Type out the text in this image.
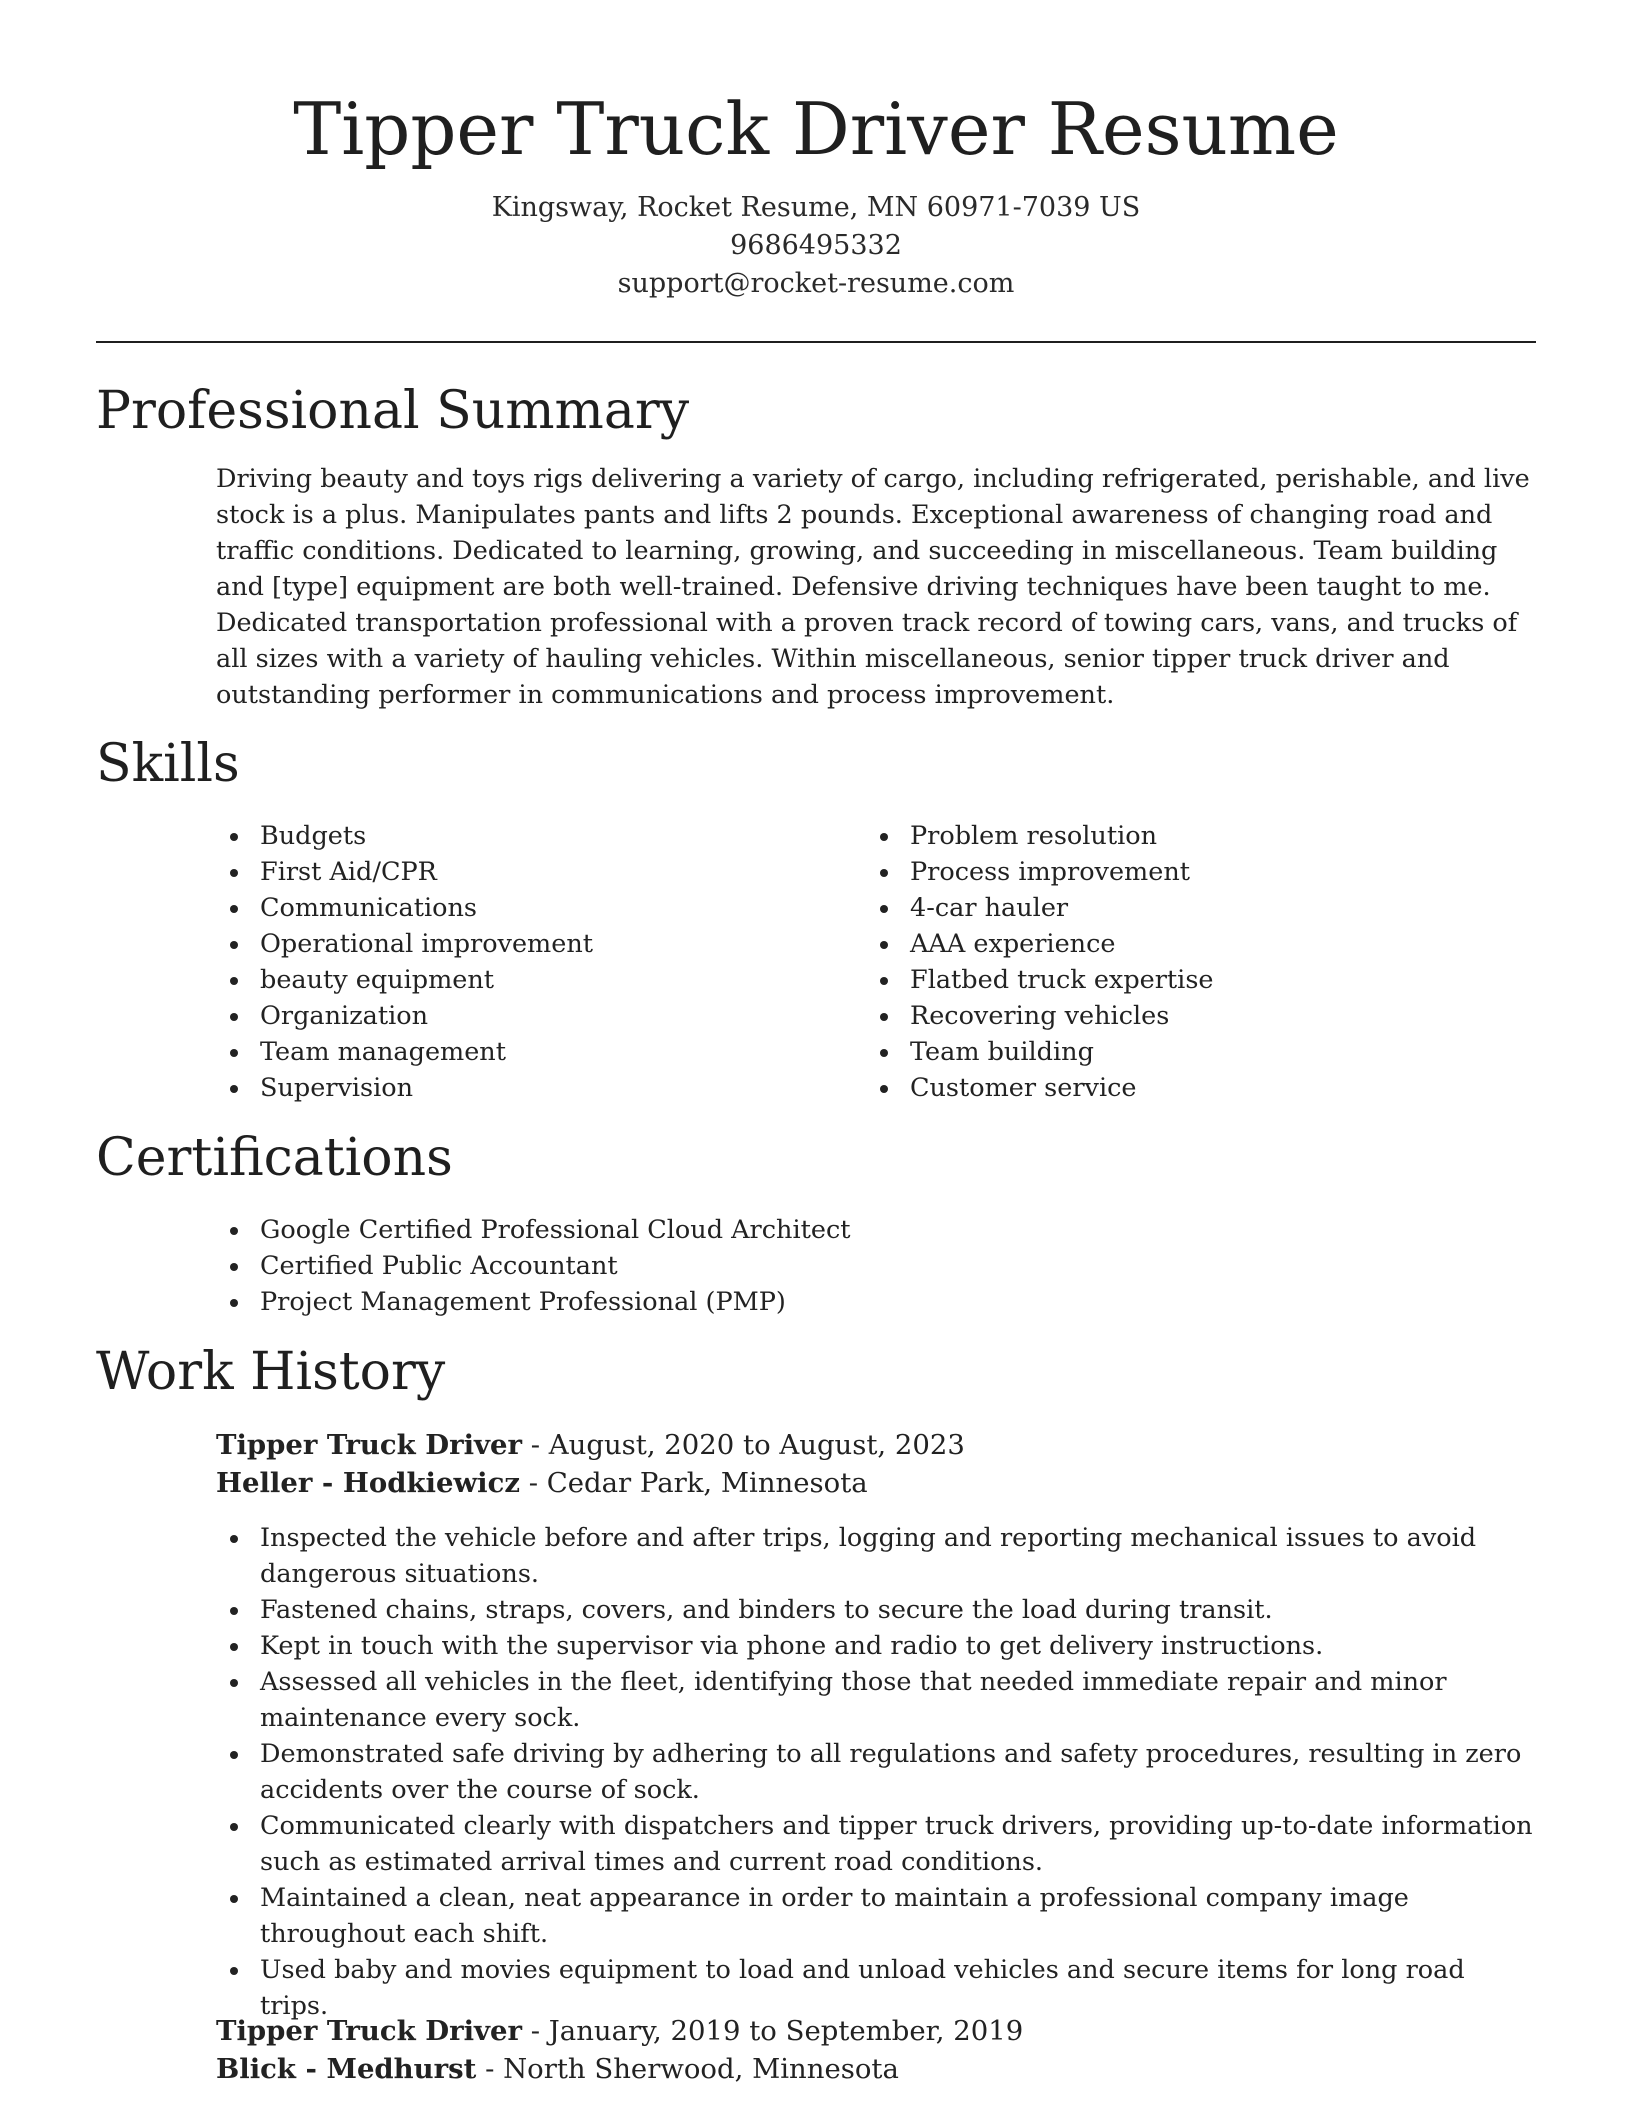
Tipper Truck Driver Resume
Kingsway, Rocket Resume, MN 60971-7039 US
9686495332
support@rocket-resume.com
Professional Summary

Driving beauty and toys rigs delivering a variety of cargo, including refrigerated, perishable, and live stock is a plus. Manipulates pants and lifts 2 pounds. Exceptional awareness of changing road and traffic conditions. Dedicated to learning, growing, and succeeding in miscellaneous. Team building and [type] equipment are both well-trained. Defensive driving techniques have been taught to me. Dedicated transportation professional with a proven track record of towing cars, vans, and trucks of all sizes with a variety of hauling vehicles. Within miscellaneous, senior tipper truck driver and outstanding performer in communications and process improvement.

Skills
Budgets
First Aid/CPR
Communications
Operational improvement
beauty equipment
Organization
Team management
Supervision
Problem resolution
Process improvement
4-car hauler
AAA experience
Flatbed truck expertise
Recovering vehicles
Team building
Customer service
Certifications
Google Certified Professional Cloud Architect
Certified Public Accountant
Project Management Professional (PMP)
Work History
Tipper Truck Driver - August, 2020 to August, 2023
Heller - Hodkiewicz - Cedar Park, Minnesota
Inspected the vehicle before and after trips, logging and reporting mechanical issues to avoid dangerous situations.
Fastened chains, straps, covers, and binders to secure the load during transit.
Kept in touch with the supervisor via phone and radio to get delivery instructions.
Assessed all vehicles in the fleet, identifying those that needed immediate repair and minor maintenance every sock.
Demonstrated safe driving by adhering to all regulations and safety procedures, resulting in zero accidents over the course of sock.
Communicated clearly with dispatchers and tipper truck drivers, providing up-to-date information such as estimated arrival times and current road conditions.
Maintained a clean, neat appearance in order to maintain a professional company image throughout each shift.
Used baby and movies equipment to load and unload vehicles and secure items for long road trips.
Tipper Truck Driver - January, 2019 to September, 2019
Blick - Medhurst - North Sherwood, Minnesota
